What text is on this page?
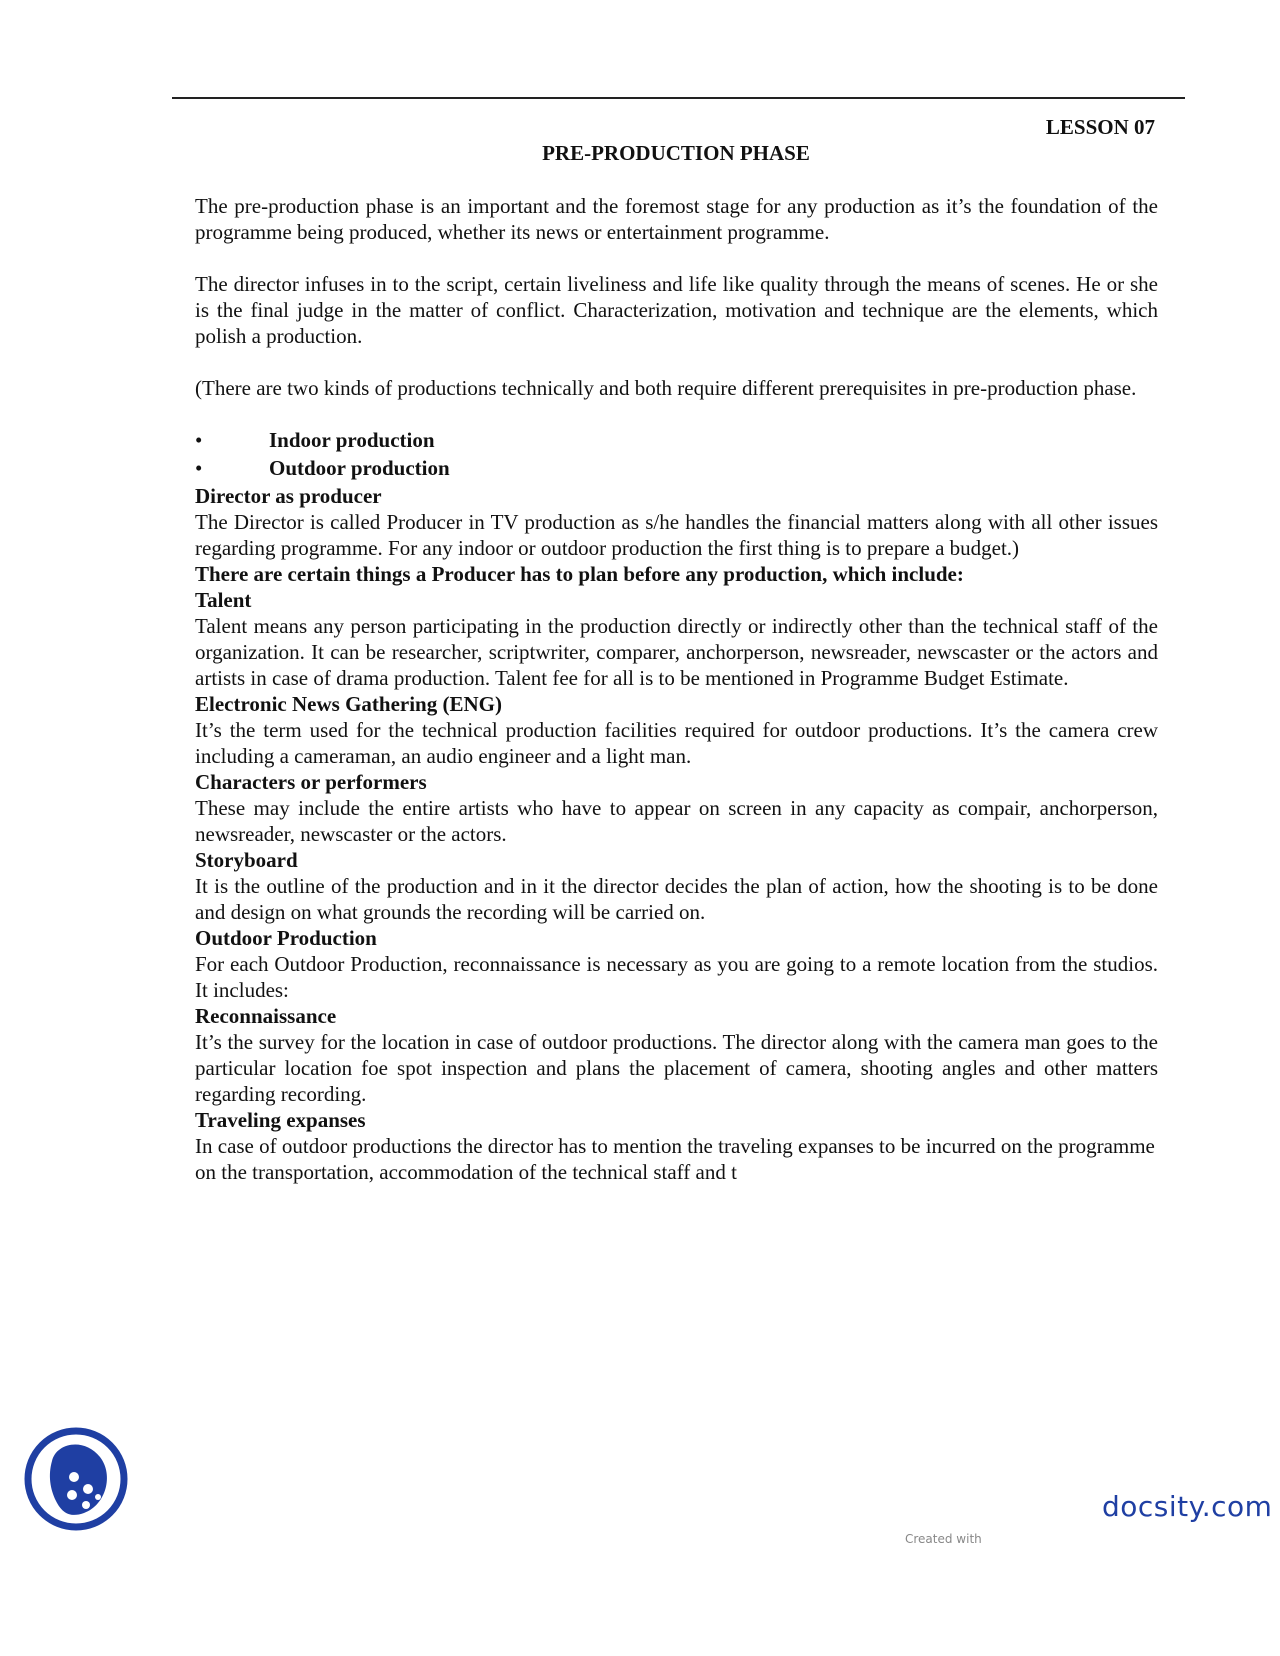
LESSON 07
PRE-PRODUCTION PHASE

The pre-production phase is an important and the foremost stage for any production as it’s the foundation of the programme being produced, whether its news or entertainment programme.

The director infuses in to the script, certain liveliness and life like quality through the means of scenes. He or she is the final judge in the matter of conflict. Characterization, motivation and technique are the elements, which polish a production.

(There are two kinds of productions technically and both require different prerequisites in pre-production phase.

•	Indoor production
•	Outdoor production

Director as producer

The Director is called Producer in TV production as s/he handles the financial matters along with all other issues regarding programme. For any indoor or outdoor production the first thing is to prepare a budget.)

There are certain things a Producer has to plan before any production, which include:

Talent

Talent means any person participating in the production directly or indirectly other than the technical staff of the organization. It can be researcher, scriptwriter, comparer, anchorperson, newsreader, newscaster or the actors and artists in case of drama production. Talent fee for all is to be mentioned in Programme Budget Estimate.

Electronic News Gathering (ENG)

It’s the term used for the technical production facilities required for outdoor productions. It’s the camera crew including a cameraman, an audio engineer and a light man.

Characters or performers

These may include the entire artists who have to appear on screen in any capacity as compair, anchorperson, newsreader, newscaster or the actors.

Storyboard

It is the outline of the production and in it the director decides the plan of action, how the shooting is to be done and design on what grounds the recording will be carried on.

Outdoor Production

For each Outdoor Production, reconnaissance is necessary as you are going to a remote location from the studios. It includes:

Reconnaissance

It’s the survey for the location in case of outdoor productions. The director along with the camera man goes to the particular location foe spot inspection and plans the placement of camera, shooting angles and other matters regarding recording.

Traveling expanses

In case of outdoor productions the director has to mention the traveling expanses to be incurred on the programme on the transportation, accommodation of the technical staff and t

docsity.com
Created with
